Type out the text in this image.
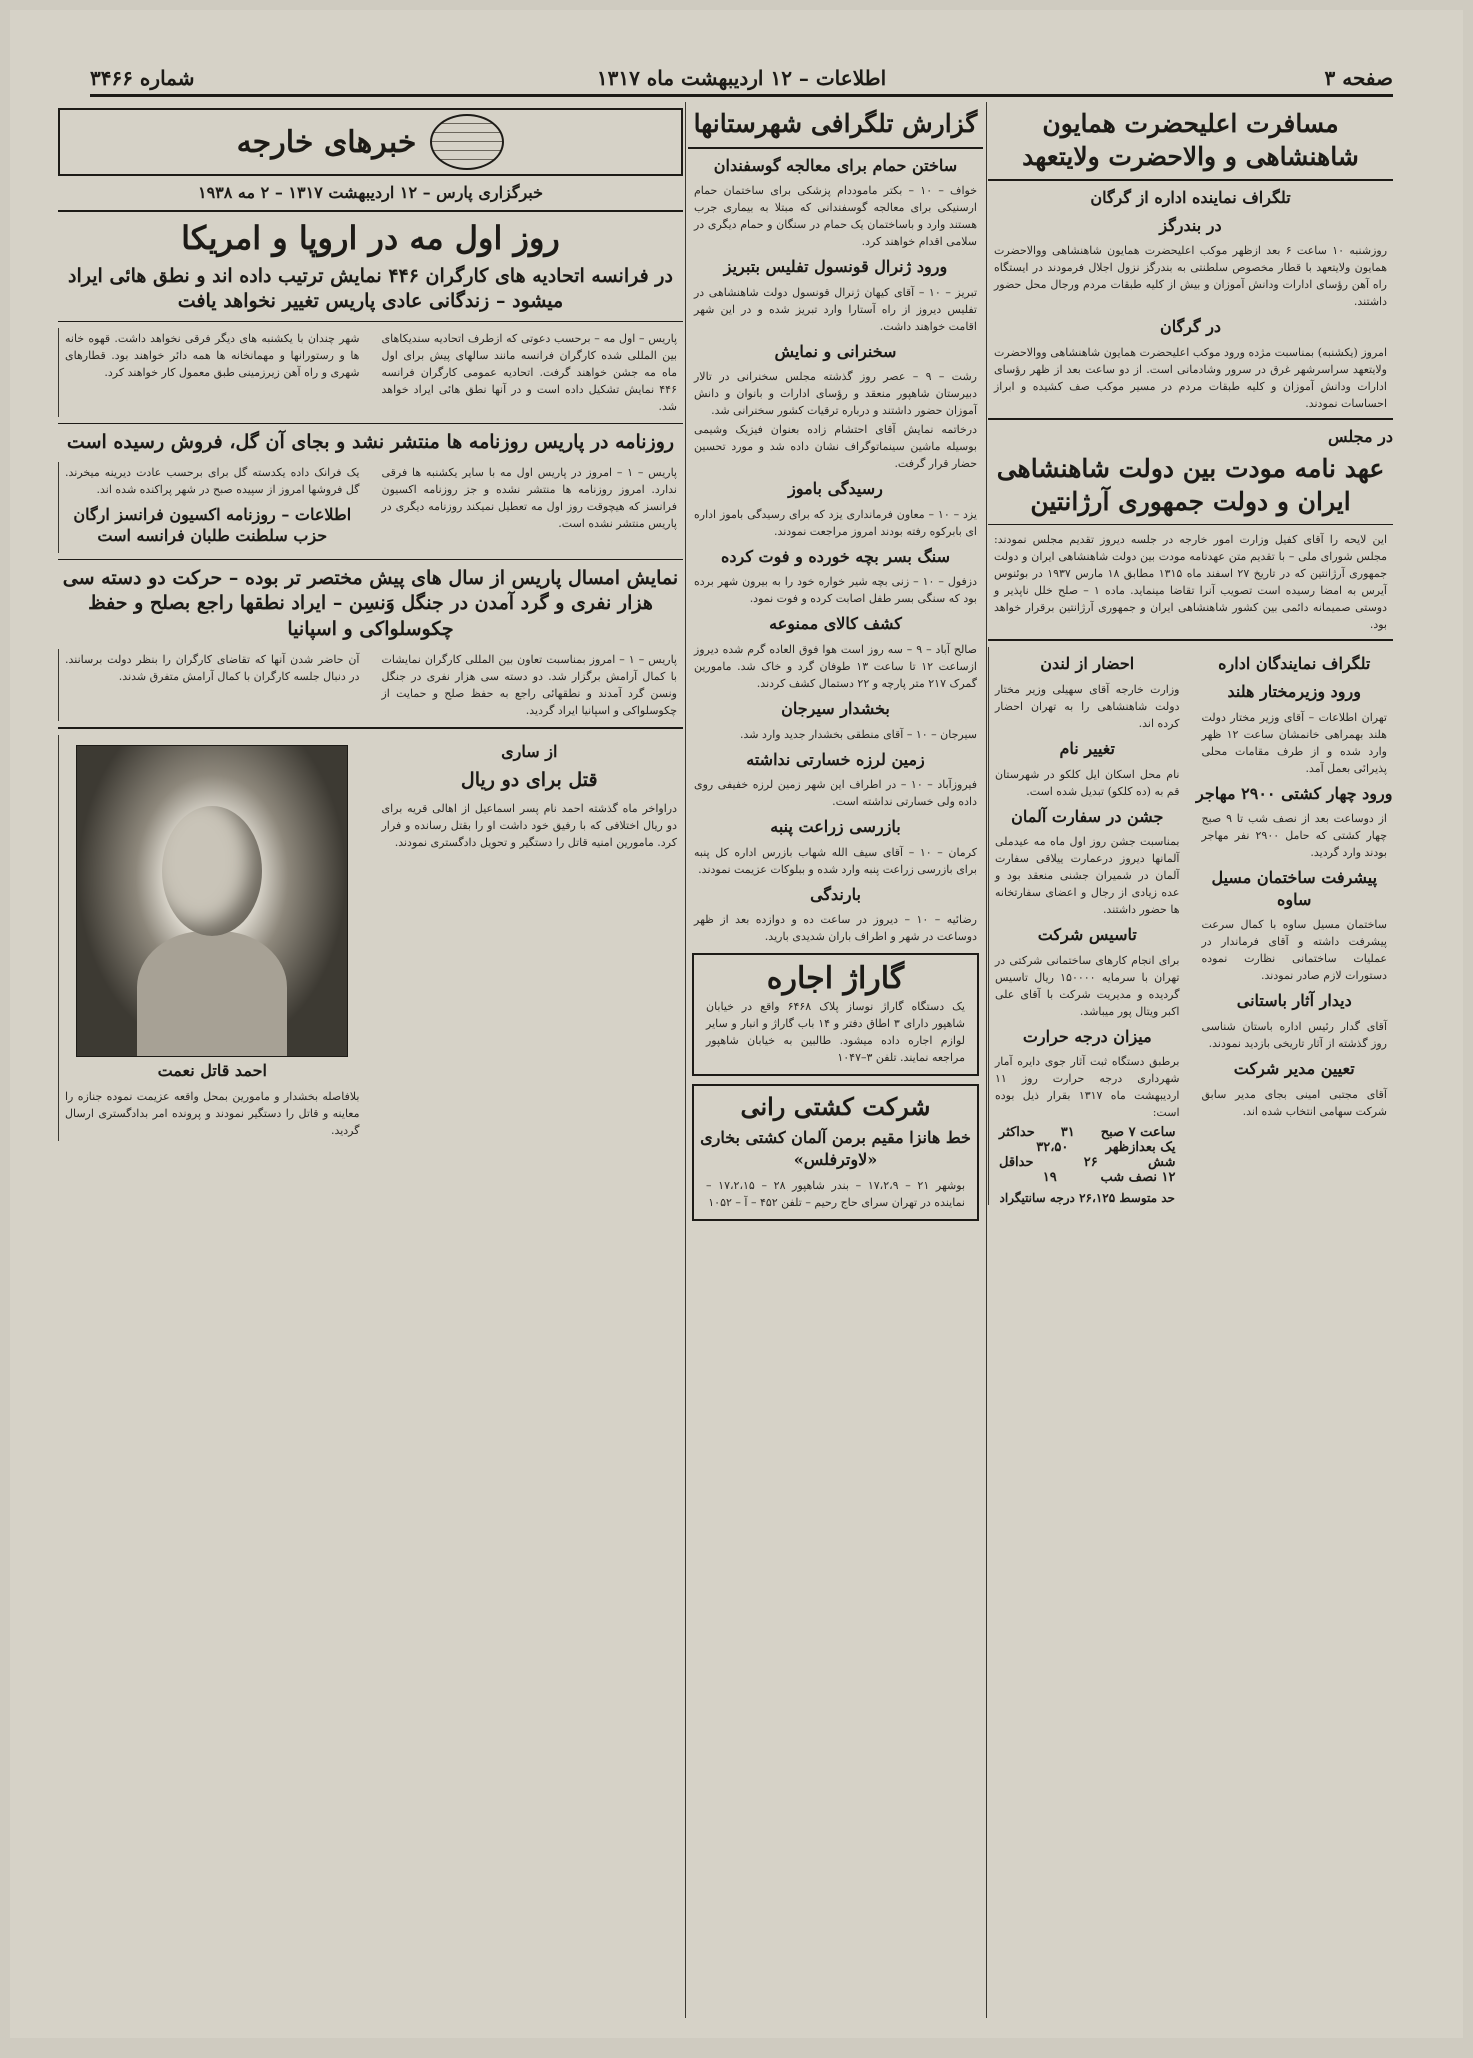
صفحه ۳
اطلاعات – ۱۲ اردیبهشت ماه ۱۳۱۷
شماره ۳۴۶۶
مسافرت اعلیحضرت همایون شاهنشاهی و والاحضرت ولایتعهد
تلگراف نماینده اداره از گرگان
در بندرگز

روزشنبه ۱۰ ساعت ۶ بعد ازظهر موکب اعلیحضرت همایون شاهنشاهی ووالاحضرت همایون ولایتعهد با قطار مخصوص سلطنتی به بندرگز نزول اجلال فرمودند در ایستگاه راه آهن رؤسای ادارات ودانش آموزان و بیش از کلیه طبقات مردم ورجال محل حضور داشتند.

در گرگان

امروز (یکشنبه) بمناسبت مژده ورود موکب اعلیحضرت همایون شاهنشاهی ووالاحضرت ولایتعهد سراسرشهر غرق در سرور وشادمانی است. از دو ساعت بعد از ظهر رؤسای ادارات ودانش آموزان و کلیه طبقات مردم در مسیر موکب صف کشیده و ابراز احساسات نمودند.

در مجلس
عهد نامه مودت بین دولت شاهنشاهی ایران و دولت جمهوری آرژانتین

این لایحه را آقای کفیل وزارت امور خارجه در جلسه دیروز تقدیم مجلس نمودند: مجلس شورای ملی – با تقدیم متن عهدنامه مودت بین دولت شاهنشاهی ایران و دولت جمهوری آرژانتین که در تاریخ ۲۷ اسفند ماه ۱۳۱۵ مطابق ۱۸ مارس ۱۹۳۷ در بوئنوس آیرس به امضا رسیده است تصویب آنرا تقاضا مینماید. ماده ۱ – صلح خلل ناپذیر و دوستی صمیمانه دائمی بین کشور شاهنشاهی ایران و جمهوری آرژانتین برقرار خواهد بود.

تلگراف نمایندگان اداره
ورود وزیرمختار هلند

تهران اطلاعات – آقای وزیر مختار دولت هلند بهمراهی خانمشان ساعت ۱۲ ظهر وارد شده و از طرف مقامات محلی پذیرائی بعمل آمد.

ورود چهار کشتی ۲۹۰۰ مهاجر

از دوساعت بعد از نصف شب تا ۹ صبح چهار کشتی که حامل ۲۹۰۰ نفر مهاجر بودند وارد گردید.

پیشرفت ساختمان مسیل ساوه

ساختمان مسیل ساوه با کمال سرعت پیشرفت داشته و آقای فرماندار در عملیات ساختمانی نظارت نموده دستورات لازم صادر نمودند.

دیدار آثار باستانی

آقای گدار رئیس اداره باستان شناسی روز گذشته از آثار تاریخی بازدید نمودند.

تعیین مدیر شرکت

آقای مجتبی امینی بجای مدیر سابق شرکت سهامی انتخاب شده اند.

احضار از لندن

وزارت خارجه آقای سهیلی وزیر مختار دولت شاهنشاهی را به تهران احضار کرده اند.

تغییر نام

نام محل اسکان ایل کلکو در شهرستان قم به (ده کلکو) تبدیل شده است.

جشن در سفارت آلمان

بمناسبت جشن روز اول ماه مه عیدملی آلمانها دیروز درعمارت ییلاقی سفارت آلمان در شمیران جشنی منعقد بود و عده زیادی از رجال و اعضای سفارتخانه ها حضور داشتند.

تاسیس شرکت

برای انجام کارهای ساختمانی شرکتی در تهران با سرمایه ۱۵۰۰۰۰ ریال تاسیس گردیده و مدیریت شرکت با آقای علی اکبر ویتال پور میباشد.

میزان درجه حرارت

برطبق دستگاه ثبت آثار جوی دایره آمار شهرداری درجه حرارت روز ۱۱ اردیبهشت ماه ۱۳۱۷ بقرار ذیل بوده است:

ساعت ۷ صبح
۳۱
حداکثر
یک بعدازظهر
۳۲،۵۰
شش
۲۶
حداقل
۱۲ نصف شب
۱۹
حد متوسط ۲۶،۱۲۵ درجه سانتیگراد
گزارش تلگرافی شهرستانها
ساختن حمام برای معالجه گوسفندان

خواف – ۱۰ – بکتر ماموددام پزشکی برای ساختمان حمام ارسنیکی برای معالجه گوسفندانی که مبتلا به بیماری جرب هستند وارد و باساختمان یک حمام در سنگان و حمام دیگری در سلامی اقدام خواهند کرد.

ورود ژنرال قونسول تفلیس بتبریز

تبریز – ۱۰ – آقای کیهان ژنرال قونسول دولت شاهنشاهی در تفلیس دیروز از راه آستارا وارد تبریز شده و در این شهر اقامت خواهند داشت.

سخنرانی و نمایش

رشت – ۹ – عصر روز گذشته مجلس سخنرانی در تالار دبیرستان شاهپور منعقد و رؤسای ادارات و بانوان و دانش آموزان حضور داشتند و درباره ترقیات کشور سخنرانی شد.

درخاتمه نمایش آقای احتشام زاده بعنوان فیزیک وشیمی بوسیله ماشین سینماتوگراف نشان داده شد و مورد تحسین حضار قرار گرفت.

رسیدگی باموز

یزد – ۱۰ – معاون فرمانداری یزد که برای رسیدگی باموز اداره ای بابرکوه رفته بودند امروز مراجعت نمودند.

سنگ بسر بچه خورده و فوت کرده

دزفول – ۱۰ – زنی بچه شیر خواره خود را به بیرون شهر برده بود که سنگی بسر طفل اصابت کرده و فوت نمود.

کشف کالای ممنوعه

صالح آباد – ۹ – سه روز است هوا فوق العاده گرم شده دیروز ازساعت ۱۲ تا ساعت ۱۳ طوفان گرد و خاک شد. مامورین گمرک ۲۱۷ متر پارچه و ۲۲ دستمال کشف کردند.

بخشدار سیرجان

سیرجان – ۱۰ – آقای منطقی بخشدار جدید وارد شد.

زمین لرزه خسارتی نداشته

فیروزآباد – ۱۰ – در اطراف این شهر زمین لرزه خفیفی روی داده ولی خسارتی نداشته است.

بازرسی زراعت پنبه

کرمان – ۱۰ – آقای سیف الله شهاب بازرس اداره کل پنبه برای بازرسی زراعت پنبه وارد شده و ببلوکات عزیمت نمودند.

بارندگی

رضائیه – ۱۰ – دیروز در ساعت ده و دوازده بعد از ظهر دوساعت در شهر و اطراف باران شدیدی بارید.

گاراژ اجاره

یک دستگاه گاراژ نوساز پلاک ۶۴۶۸ واقع در خیابان شاهپور دارای ۳ اطاق دفتر و ۱۴ باب گاراژ و انبار و سایر لوازم اجاره داده میشود. طالبین به خیابان شاهپور مراجعه نمایند. تلفن ۳–۱۰۴۷

شرکت کشتی رانی
خط هانزا مقیم برمن آلمان کشتی بخاری «لاوترفلس»

بوشهر ۲۱ – ۱۷،۲،۹ – بندر شاهپور ۲۸ – ۱۷،۲،۱۵ – نماینده در تهران سرای حاج رحیم – تلفن ۴۵۲ – آ – ۱۰۵۲

خبرهای خارجه
خبرگزاری پارس – ۱۲ اردیبهشت ۱۳۱۷ – ۲ مه ۱۹۳۸
روز اول مه در اروپا و امریکا
در فرانسه اتحادیه های کارگران ۴۴۶ نمایش ترتیب داده اند و نطق هائی ایراد میشود – زندگانی عادی پاریس تغییر نخواهد یافت

پاریس – اول مه – برحسب دعوتی که ازطرف اتحادیه سندیکاهای بین المللی شده کارگران فرانسه مانند سالهای پیش برای اول ماه مه جشن خواهند گرفت. اتحادیه عمومی کارگران فرانسه ۴۴۶ نمایش تشکیل داده است و در آنها نطق هائی ایراد خواهد شد.

شهر چندان با یکشنبه های دیگر فرقی نخواهد داشت. قهوه خانه ها و رستورانها و مهمانخانه ها همه دائر خواهند بود. قطارهای شهری و راه آهن زیرزمینی طبق معمول کار خواهند کرد.

روزنامه در پاریس روزنامه ها منتشر نشد و بجای آن گل، فروش رسیده است

پاریس – ۱ – امروز در پاریس اول مه با سایر یکشنبه ها فرقی ندارد. امروز روزنامه ها منتشر نشده و جز روزنامه اکسیون فرانسز که هیچوقت روز اول مه تعطیل نمیکند روزنامه دیگری در پاریس منتشر نشده است.

یک فرانک داده یکدسته گل برای برحسب عادت دیرینه میخرند. گل فروشها امروز از سپیده صبح در شهر پراکنده شده اند.

اطلاعات – روزنامه اکسیون فرانسز ارگان حزب سلطنت طلبان فرانسه است
نمایش امسال پاریس از سال های پیش مختصر تر بوده – حرکت دو دسته سی هزار نفری و گرد آمدن در جنگل وَنسِن – ایراد نطقها راجع بصلح و حفظ چکوسلواکی و اسپانیا

پاریس – ۱ – امروز بمناسبت تعاون بین المللی کارگران نمایشات با کمال آرامش برگزار شد. دو دسته سی هزار نفری در جنگل ونسن گرد آمدند و نطقهائی راجع به حفظ صلح و حمایت از چکوسلواکی و اسپانیا ایراد گردید.

آن حاضر شدن آنها که تقاضای کارگران را بنظر دولت برسانند. در دنبال جلسه کارگران با کمال آرامش متفرق شدند.

از ساری
قتل برای دو ریال

دراواخر ماه گذشته احمد نام پسر اسماعیل از اهالی قریه برای دو ریال اختلافی که با رفیق خود داشت او را بقتل رسانده و فرار کرد. مامورین امنیه قاتل را دستگیر و تحویل دادگستری نمودند.

احمد قاتل نعمت

بلافاصله بخشدار و مامورین بمحل واقعه عزیمت نموده جنازه را معاینه و قاتل را دستگیر نمودند و پرونده امر بدادگستری ارسال گردید.
